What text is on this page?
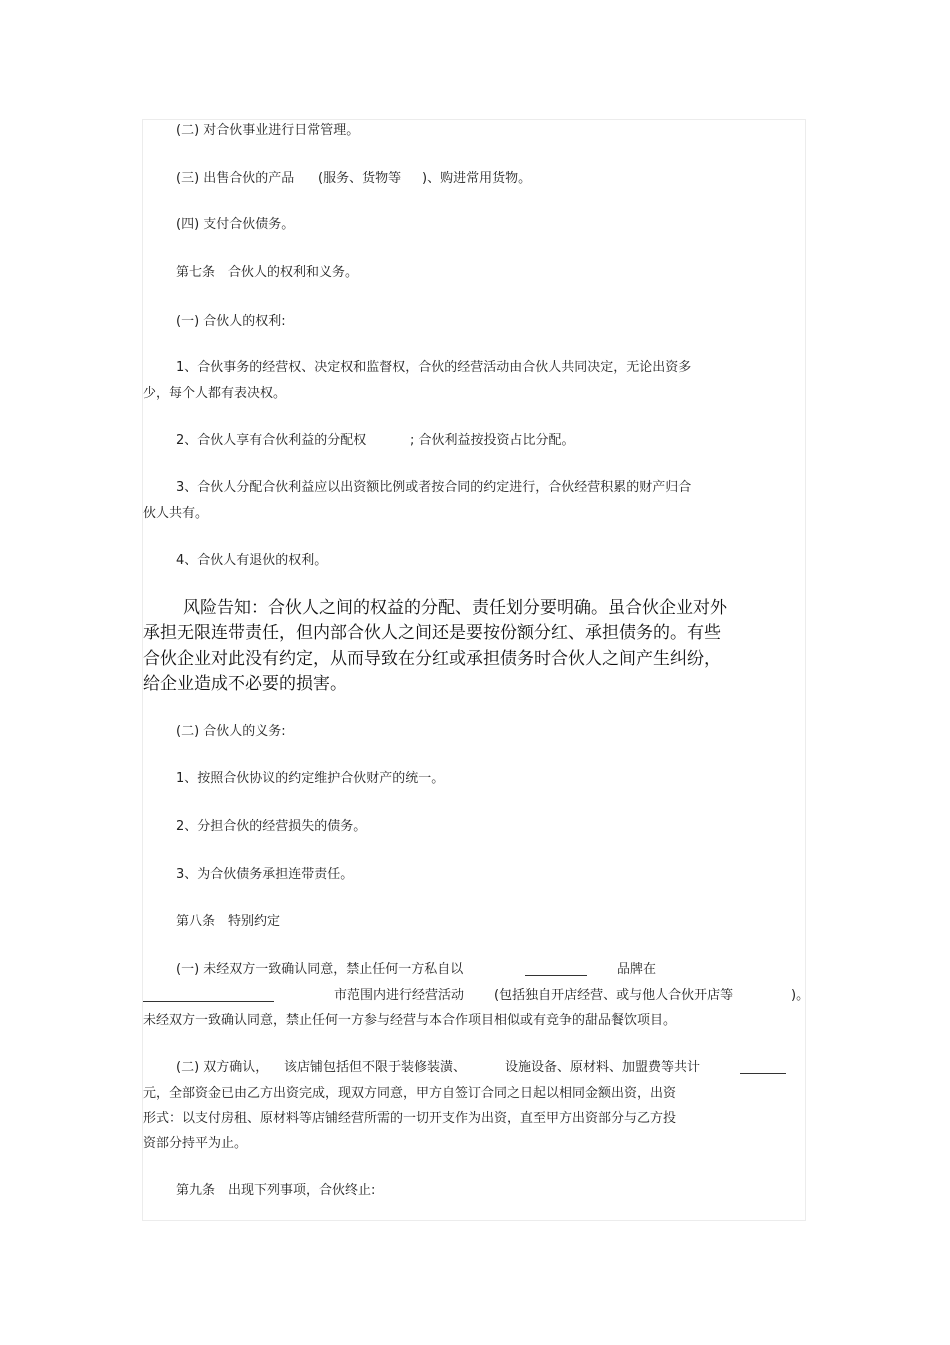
(二) 对合伙事业进行日常管理。
(三) 出售合伙的产品 (服务、货物等 )、购进常用货物。
(四) 支付合伙债务。
第七条　合伙人的权利和义务。
(一) 合伙人的权利:
1、合伙事务的经营权、决定权和监督权，合伙的经营活动由合伙人共同决定，无论出资多
少，每个人都有表决权。
2、合伙人享有合伙利益的分配权	; 合伙利益按投资占比分配。
3、合伙人分配合伙利益应以出资额比例或者按合同的约定进行，合伙经营积累的财产归合
伙人共有。
4、合伙人有退伙的权利。
风险告知：合伙人之间的权益的分配、责任划分要明确。虽合伙企业对外
承担无限连带责任，但内部合伙人之间还是要按份额分红、承担债务的。有些
合伙企业对此没有约定，从而导致在分红或承担债务时合伙人之间产生纠纷，
给企业造成不必要的损害。
(二) 合伙人的义务:
1、按照合伙协议的约定维护合伙财产的统一。
2、分担合伙的经营损失的债务。
3、为合伙债务承担连带责任。
第八条　特别约定
(一) 未经双方一致确认同意，禁止任何一方私自以	品牌在
市范围内进行经营活动 (包括独自开店经营、或与他人合伙开店等	)。
未经双方一致确认同意，禁止任何一方参与经营与本合作项目相似或有竞争的甜品餐饮项目。
(二) 双方确认， 该店铺包括但不限于装修装潢、	设施设备、原材料、加盟费等共计
元，全部资金已由乙方出资完成，现双方同意，甲方自签订合同之日起以相同金额出资，出资
形式：以支付房租、原材料等店铺经营所需的一切开支作为出资，直至甲方出资部分与乙方投
资部分持平为止。
第九条　出现下列事项，合伙终止:
